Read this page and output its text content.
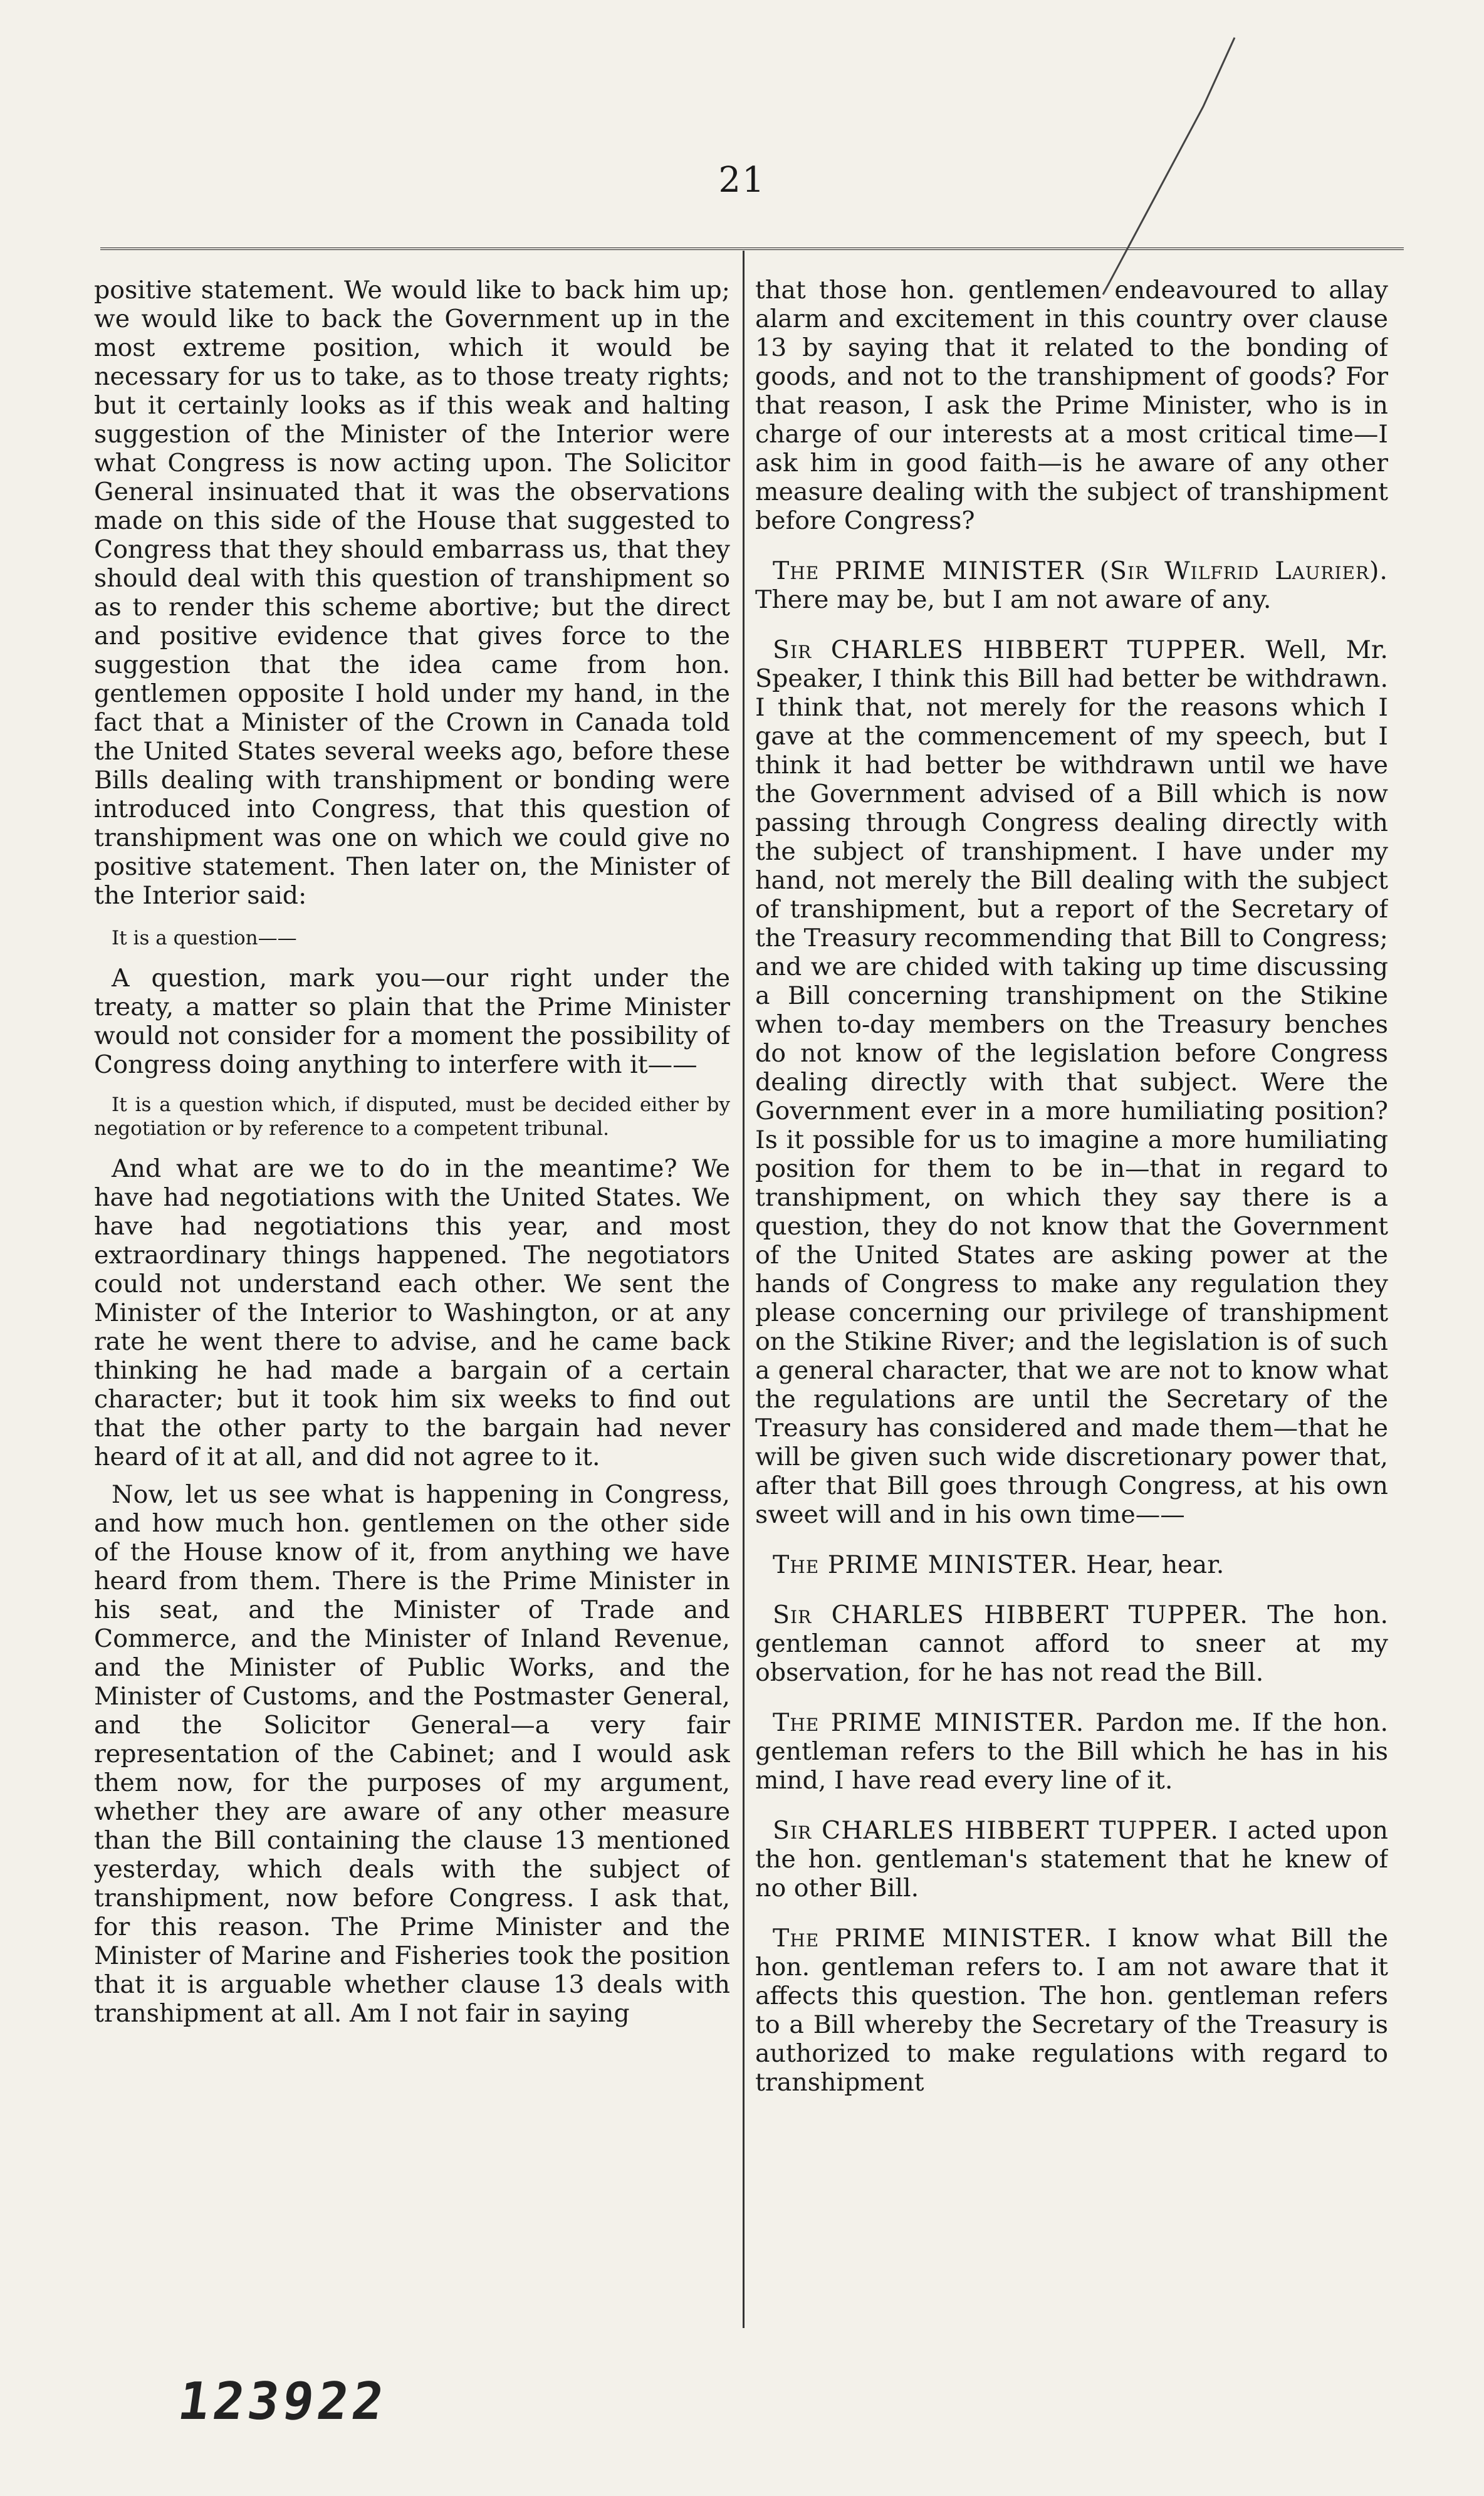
21

positive statement. We would like to back him up; we would like to back the Government up in the most extreme position, which it would be necessary for us to take, as to those treaty rights; but it certainly looks as if this weak and halting suggestion of the Minister of the Interior were what Congress is now acting upon. The Solicitor General insinuated that it was the observations made on this side of the House that suggested to Congress that they should embarrass us, that they should deal with this question of transhipment so as to render this scheme abortive; but the direct and positive evidence that gives force to the suggestion that the idea came from hon. gentlemen opposite I hold under my hand, in the fact that a Minister of the Crown in Canada told the United States several weeks ago, before these Bills dealing with transhipment or bonding were introduced into Congress, that this question of transhipment was one on which we could give no positive statement. Then later on, the Minister of the Interior said:

It is a question——

A question, mark you—our right under the treaty, a matter so plain that the Prime Minister would not consider for a moment the possibility of Congress doing anything to interfere with it——

It is a question which, if disputed, must be decided either by negotiation or by reference to a competent tribunal.

And what are we to do in the meantime? We have had negotiations with the United States. We have had negotiations this year, and most extraordinary things happened. The negotiators could not understand each other. We sent the Minister of the Interior to Washington, or at any rate he went there to advise, and he came back thinking he had made a bargain of a certain character; but it took him six weeks to find out that the other party to the bargain had never heard of it at all, and did not agree to it.

Now, let us see what is happening in Congress, and how much hon. gentlemen on the other side of the House know of it, from anything we have heard from them. There is the Prime Minister in his seat, and the Minister of Trade and Commerce, and the Minister of Inland Revenue, and the Minister of Public Works, and the Minister of Customs, and the Postmaster General, and the Solicitor General—a very fair representation of the Cabinet; and I would ask them now, for the purposes of my argument, whether they are aware of any other measure than the Bill containing the clause 13 mentioned yesterday, which deals with the subject of transhipment, now before Congress. I ask that, for this reason. The Prime Minister and the Minister of Marine and Fisheries took the position that it is arguable whether clause 13 deals with transhipment at all. Am I not fair in saying

that those hon. gentlemen endeavoured to allay alarm and excitement in this country over clause 13 by saying that it related to the bonding of goods, and not to the transhipment of goods? For that reason, I ask the Prime Minister, who is in charge of our interests at a most critical time—I ask him in good faith—is he aware of any other measure dealing with the subject of transhipment before Congress?

The PRIME MINISTER (Sir Wilfrid Laurier). There may be, but I am not aware of any.

Sir CHARLES HIBBERT TUPPER. Well, Mr. Speaker, I think this Bill had better be withdrawn. I think that, not merely for the reasons which I gave at the commencement of my speech, but I think it had better be withdrawn until we have the Government advised of a Bill which is now passing through Congress dealing directly with the subject of transhipment. I have under my hand, not merely the Bill dealing with the subject of transhipment, but a report of the Secretary of the Treasury recommending that Bill to Congress; and we are chided with taking up time discussing a Bill concerning transhipment on the Stikine when to-day members on the Treasury benches do not know of the legislation before Congress dealing directly with that subject. Were the Government ever in a more humiliating position? Is it possible for us to imagine a more humiliating position for them to be in—that in regard to transhipment, on which they say there is a question, they do not know that the Government of the United States are asking power at the hands of Congress to make any regulation they please concerning our privilege of transhipment on the Stikine River; and the legislation is of such a general character, that we are not to know what the regulations are until the Secretary of the Treasury has considered and made them—that he will be given such wide discretionary power that, after that Bill goes through Congress, at his own sweet will and in his own time——

The PRIME MINISTER. Hear, hear.

Sir CHARLES HIBBERT TUPPER. The hon. gentleman cannot afford to sneer at my observation, for he has not read the Bill.

The PRIME MINISTER. Pardon me. If the hon. gentleman refers to the Bill which he has in his mind, I have read every line of it.

Sir CHARLES HIBBERT TUPPER. I acted upon the hon. gentleman's statement that he knew of no other Bill.

The PRIME MINISTER. I know what Bill the hon. gentleman refers to. I am not aware that it affects this question. The hon. gentleman refers to a Bill whereby the Secretary of the Treasury is authorized to make regulations with regard to transhipment

123922
